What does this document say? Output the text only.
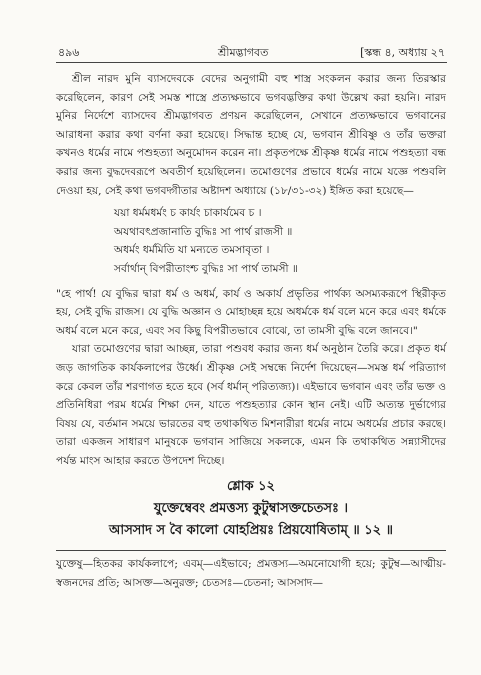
৪৯৬	শ্রীমদ্ভাগবত	[স্কন্ধ ৪, অধ্যায় ২৭

শ্রীল নারদ মুনি ব্যাসদেবকে বেদের অনুগামী বহু শাস্ত্র সংকলন করার জন্য তিরস্কার করেছিলেন, কারণ সেই সমস্ত শাস্ত্রে প্রত্যক্ষভাবে ভগবদ্ভক্তির কথা উল্লেখ করা হয়নি। নারদ মুনির নির্দেশে ব্যাসদেব শ্রীমদ্ভাগবত প্রণয়ন করেছিলেন, সেখানে প্রত্যক্ষভাবে ভগবানের আরাধনা করার কথা বর্ণনা করা হয়েছে। সিদ্ধান্ত হচ্ছে যে, ভগবান শ্রীবিষ্ণু ও তাঁর ভক্তরা কখনও ধর্মের নামে পশুহত্যা অনুমোদন করেন না। প্রকৃতপক্ষে শ্রীকৃষ্ণ ধর্মের নামে পশুহত্যা বন্ধ করার জন্য বুদ্ধদেবরূপে অবতীর্ণ হয়েছিলেন। তমোগুণের প্রভাবে ধর্মের নামে যজ্ঞে পশুবলি দেওয়া হয়, সেই কথা ভগবদ্গীতার অষ্টাদশ অধ্যায়ে (১৮/৩১-৩২) ইঙ্গিত করা হয়েছে—

যয়া ধর্মমধর্মং চ কার্যং চাকার্যমেব চ ।
অযথাবৎপ্রজানাতি বুদ্ধিঃ সা পার্থ রাজসী ॥
অধর্মং ধর্মমিতি যা মন্যতে তমসাবৃতা ।
সর্বার্থান্ বিপরীতাংশ্চ বুদ্ধিঃ সা পার্থ তামসী ॥

"হে পার্থ! যে বুদ্ধির দ্বারা ধর্ম ও অধর্ম, কার্য ও অকার্য প্রভৃতির পার্থক্য অসম্যকরূপে স্থিরীকৃত হয়, সেই বুদ্ধি রাজস। যে বুদ্ধি অজ্ঞান ও মোহাচ্ছন্ন হয়ে অধর্মকে ধর্ম বলে মনে করে এবং ধর্মকে অধর্ম বলে মনে করে, এবং সব কিছু বিপরীতভাবে বোঝে, তা তামসী বুদ্ধি বলে জানবে।"

যারা তমোগুণের দ্বারা আচ্ছন্ন, তারা পশুবধ করার জন্য ধর্ম অনুষ্ঠান তৈরি করে। প্রকৃত ধর্ম জড় জাগতিক কার্যকলাপের উর্ধ্বে। শ্রীকৃষ্ণ সেই সম্বন্ধে নির্দেশ দিয়েছেন—সমস্ত ধর্ম পরিত্যাগ করে কেবল তাঁর শরণাগত হতে হবে (সর্ব ধর্মান্ পরিত্যজ্য)। এইভাবে ভগবান এবং তাঁর ভক্ত ও প্রতিনিধিরা পরম ধর্মের শিক্ষা দেন, যাতে পশুহত্যার কোন স্থান নেই। এটি অত্যন্ত দুর্ভাগ্যের বিষয় যে, বর্তমান সময়ে ভারতের বহু তথাকথিত মিশনারীরা ধর্মের নামে অধর্মের প্রচার করছে। তারা একজন সাধারণ মানুষকে ভগবান সাজিয়ে সকলকে, এমন কি তথাকথিত সন্ন্যাসীদের পর্যন্ত মাংস আহার করতে উপদেশ দিচ্ছে।

শ্লোক ১২
যুক্তেম্বেবং প্রমত্তস্য কুটুম্বাসক্তচেতসঃ ।
আসসাদ স বৈ কালো যোহপ্রিয়ঃ প্রিয়যোষিতাম্ ॥ ১২ ॥
যুক্তেষু—হিতকর কার্যকলাপে; এবম্—এইভাবে; প্রমত্তস্য—অমনোযোগী হয়ে; কুটুম্ব—আত্মীয়-স্বজনদের প্রতি; আসক্ত—অনুরক্ত; চেতসঃ—চেতনা; আসসাদ—
